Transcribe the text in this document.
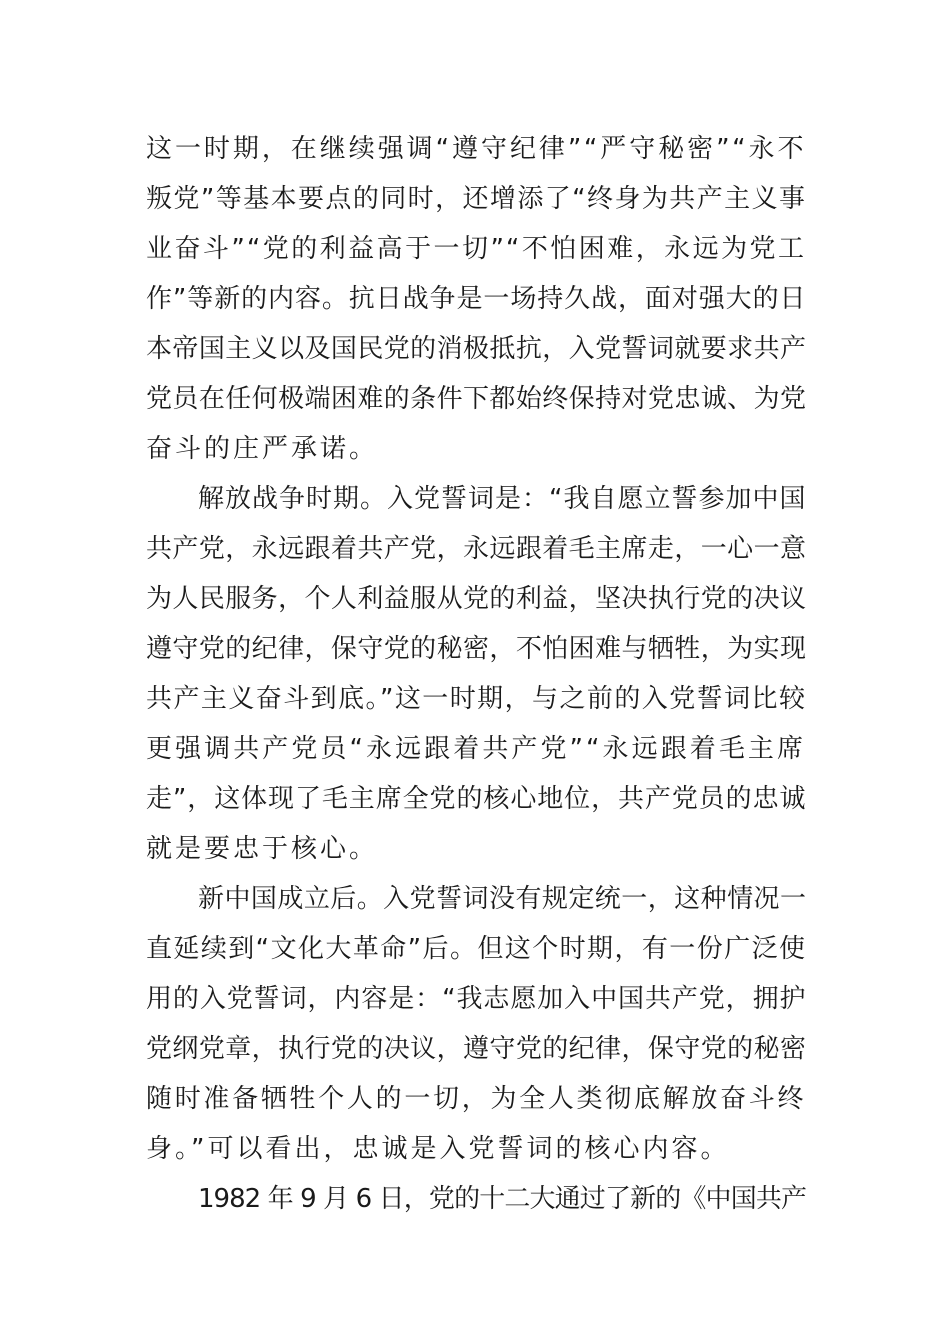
这一时期，在继续强调“遵守纪律”“严守秘密”“永不
叛党”等基本要点的同时，还增添了“终身为共产主义事
业奋斗”“党的利益高于一切”“不怕困难，永远为党工
作”等新的内容。抗日战争是一场持久战，面对强大的日
本帝国主义以及国民党的消极抵抗，入党誓词就要求共产
党员在任何极端困难的条件下都始终保持对党忠诚、为党
奋斗的庄严承诺。

解放战争时期。入党誓词是：“我自愿立誓参加中国
共产党，永远跟着共产党，永远跟着毛主席走，一心一意
为人民服务，个人利益服从党的利益，坚决执行党的决议
遵守党的纪律，保守党的秘密，不怕困难与牺牲，为实现
共产主义奋斗到底。”这一时期，与之前的入党誓词比较
更强调共产党员“永远跟着共产党”“永远跟着毛主席
走”，这体现了毛主席全党的核心地位，共产党员的忠诚
就是要忠于核心。

新中国成立后。入党誓词没有规定统一，这种情况一
直延续到“文化大革命”后。但这个时期，有一份广泛使
用的入党誓词，内容是：“我志愿加入中国共产党，拥护
党纲党章，执行党的决议，遵守党的纪律，保守党的秘密
随时准备牺牲个人的一切，为全人类彻底解放奋斗终
身。”可以看出，忠诚是入党誓词的核心内容。

1982 年 9 月 6 日，党的十二大通过了新的《中国共产
